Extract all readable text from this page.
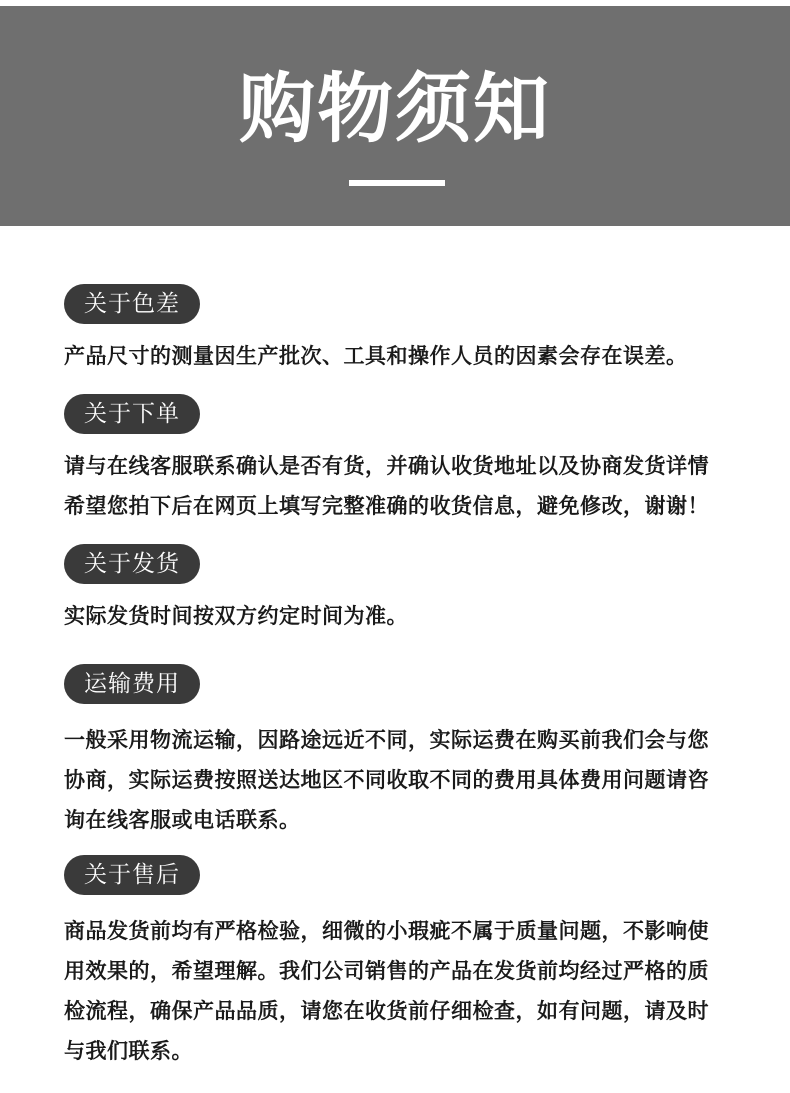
购物须知
关于色差
产品尺寸的测量因生产批次、工具和操作人员的因素会存在误差。
关于下单
请与在线客服联系确认是否有货，并确认收货地址以及协商发货详情
希望您拍下后在网页上填写完整准确的收货信息，避免修改，谢谢！
关于发货
实际发货时间按双方约定时间为准。
运输费用
一般采用物流运输，因路途远近不同，实际运费在购买前我们会与您
协商，实际运费按照送达地区不同收取不同的费用具体费用问题请咨
询在线客服或电话联系。
关于售后
商品发货前均有严格检验，细微的小瑕疵不属于质量问题，不影响使
用效果的，希望理解。我们公司销售的产品在发货前均经过严格的质
检流程，确保产品品质，请您在收货前仔细检查，如有问题，请及时
与我们联系。
